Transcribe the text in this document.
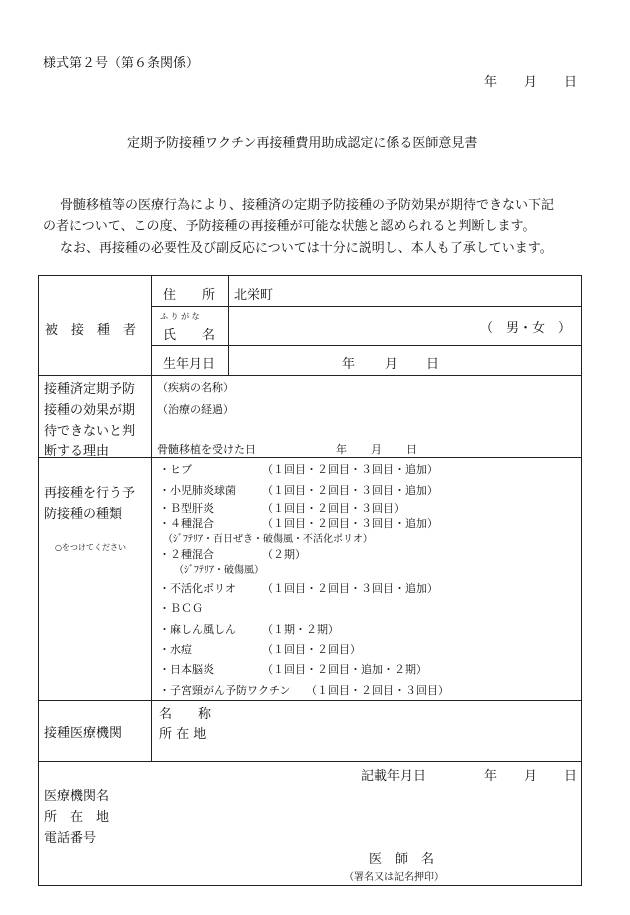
様式第２号（第６条関係）
年 月 日
定期予防接種ワクチン再接種費用助成認定に係る医師意見書
骨髄移植等の医療行為により、接種済の定期予防接種の予防効果が期待できない下記
の者について、この度、予防接種の再接種が可能な状態と認められると判断します。
なお、再接種の必要性及び副反応については十分に説明し、本人も了承しています。
被　接　種　者
住　　所 北栄町
ふ り が な
氏　　名	（　男・女　）
生年月日	年 月 日
接種済定期予防
接種の効果が期
待できないと判
断する理由
（疾病の名称）
（治療の経過）
骨髄移植を受けた日	年 月 日
再接種を行う予
防接種の種類
○をつけてください
・ヒブ	（１回目・２回目・３回目・追加）
・小児肺炎球菌 （１回目・２回目・３回目・追加）
・Ｂ型肝炎	（１回目・２回目・３回目）
・４種混合	（１回目・２回目・３回目・追加）
（ｼﾞﾌﾃﾘｱ・百日ぜき・破傷風・不活化ポリオ）
・２種混合	（２期）
（ｼﾞﾌﾃﾘｱ・破傷風）
・不活化ポリオ （１回目・２回目・３回目・追加）
・ＢＣＧ
・麻しん風しん （１期・２期）
・水痘	（１回目・２回目）
・日本脳炎	（１回目・２回目・追加・２期）
・子宮頸がん予防ワクチン （１回目・２回目・３回目）
接種医療機関
名　　称
所 在 地
記載年月日	年 月 日
医療機関名
所　在　地
電話番号
医　師　名
（署名又は記名押印）
